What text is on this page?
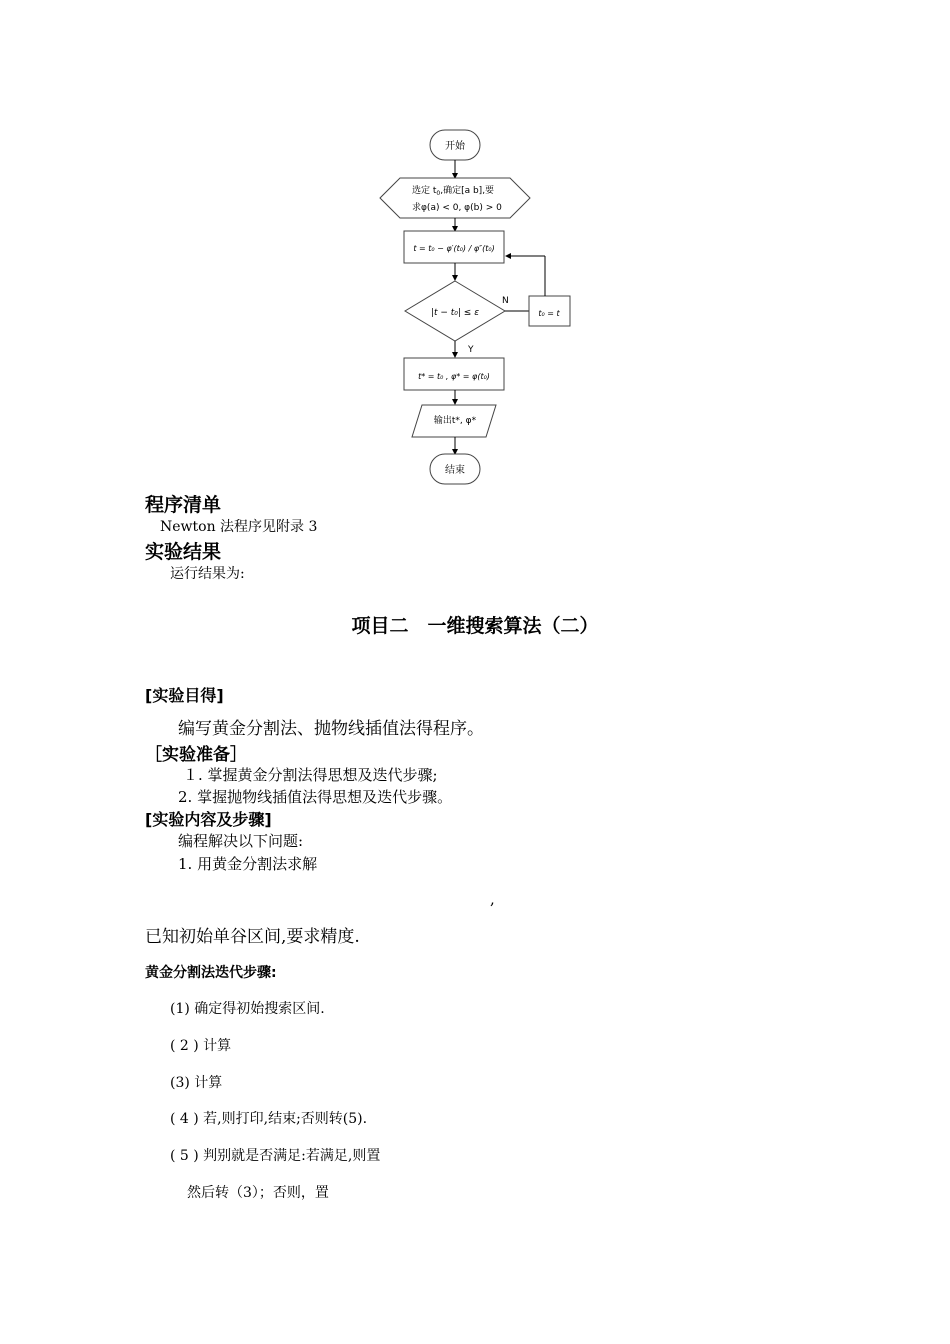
开始
选定 $t_0$,确定[a b],要
求φ(a) < 0, φ(b) > 0
t = t₀ − φ′(t₀) / φ″(t₀)
|t − t₀| ≤ ε
N
t₀ = t
Y
t* = t₀ , φ* = φ(t₀)
输出t*, φ*
结束
程序清单
Newton 法程序见附录 3
实验结果
运行结果为:
项目二　一维搜索算法（二）
[实验目得]
编写黄金分割法、抛物线插值法得程序。
［实验准备］
１. 掌握黄金分割法得思想及迭代步骤;
2. 掌握抛物线插值法得思想及迭代步骤。
[实验内容及步骤]
编程解决以下问题:
1. 用黄金分割法求解
,
已知初始单谷区间,要求精度.
黄金分割法迭代步骤:
(1) 确定得初始搜索区间.
( 2 ) 计算
(3) 计算
( 4 ) 若,则打印,结束;否则转(5).
( 5 ) 判别就是否满足:若满足,则置
然后转（3）；否则，置
